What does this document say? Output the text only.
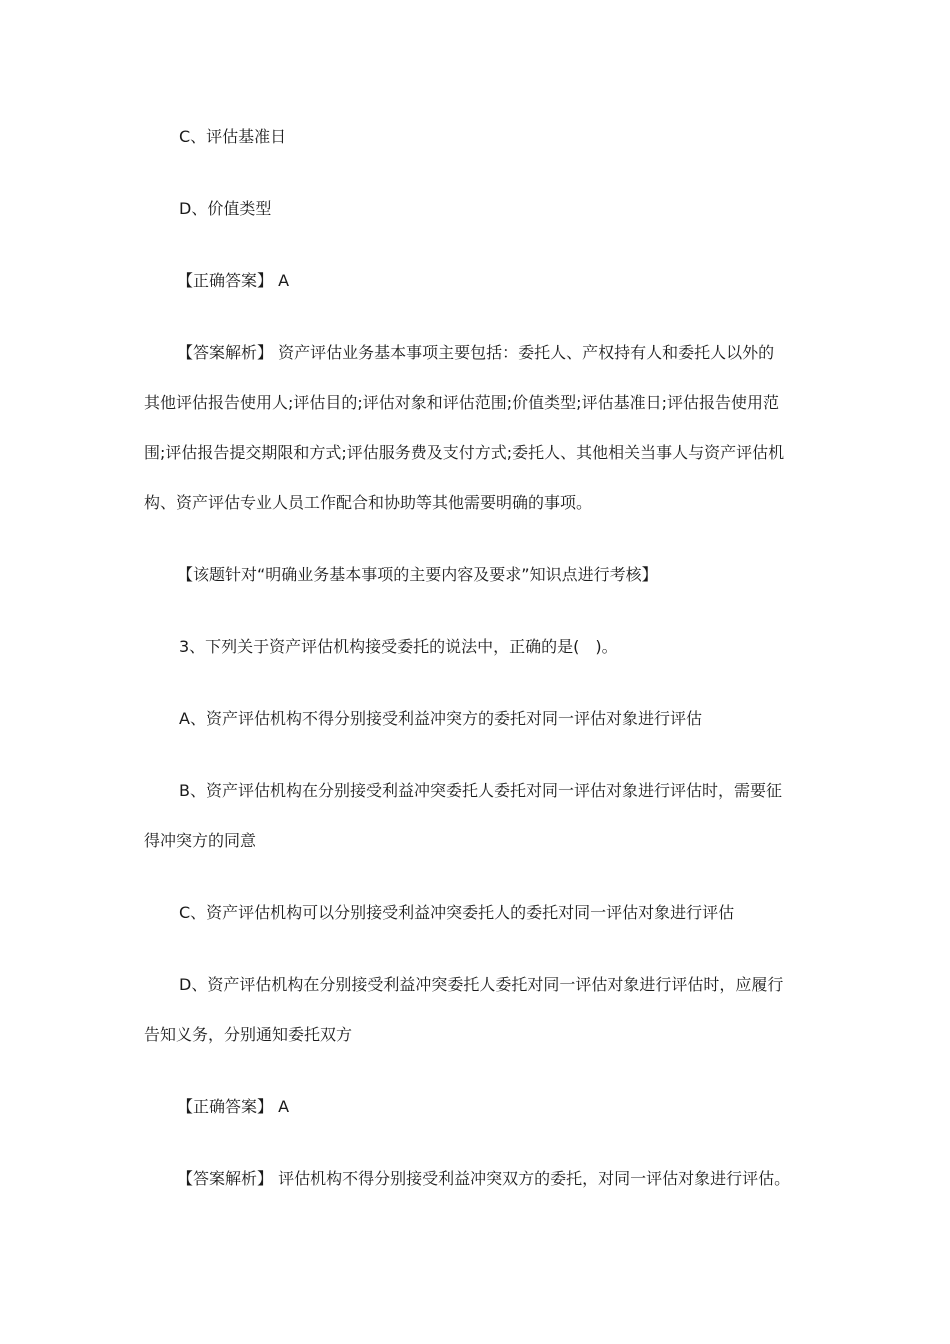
C、评估基准日
D、价值类型
【正确答案】 A
【答案解析】 资产评估业务基本事项主要包括：委托人、产权持有人和委托人以外的
其他评估报告使用人;评估目的;评估对象和评估范围;价值类型;评估基准日;评估报告使用范
围;评估报告提交期限和方式;评估服务费及支付方式;委托人、其他相关当事人与资产评估机
构、资产评估专业人员工作配合和协助等其他需要明确的事项。
【该题针对“明确业务基本事项的主要内容及要求”知识点进行考核】
3、下列关于资产评估机构接受委托的说法中，正确的是(　)。
A、资产评估机构不得分别接受利益冲突方的委托对同一评估对象进行评估
B、资产评估机构在分别接受利益冲突委托人委托对同一评估对象进行评估时，需要征
得冲突方的同意
C、资产评估机构可以分别接受利益冲突委托人的委托对同一评估对象进行评估
D、资产评估机构在分别接受利益冲突委托人委托对同一评估对象进行评估时，应履行
告知义务，分别通知委托双方
【正确答案】 A
【答案解析】 评估机构不得分别接受利益冲突双方的委托，对同一评估对象进行评估。
